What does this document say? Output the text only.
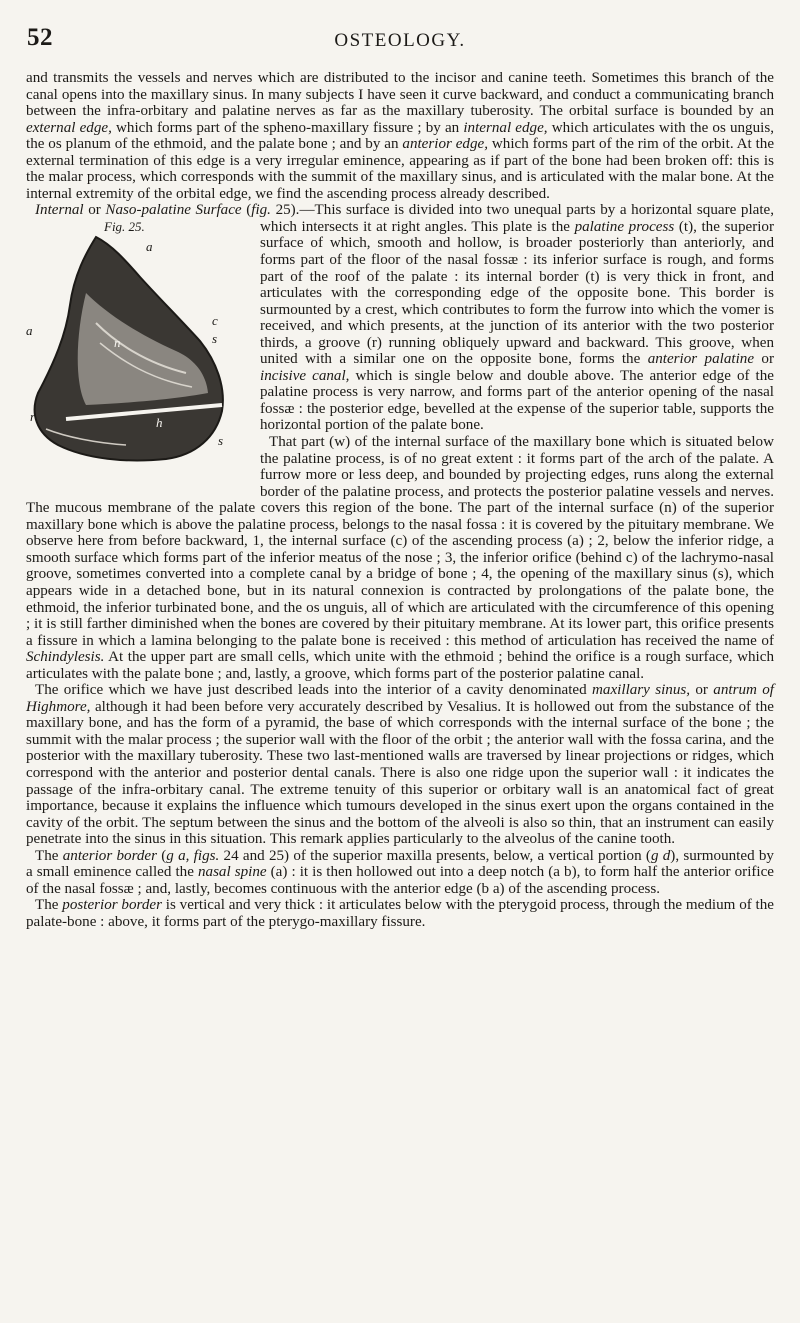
52	OSTEOLOGY.

and transmits the vessels and nerves which are distributed to the incisor and canine teeth. Sometimes this branch of the canal opens into the maxillary sinus. In many subjects I have seen it curve backward, and conduct a communicating branch between the infra-orbitary and palatine nerves as far as the maxillary tuberosity. The orbital surface is bounded by an external edge, which forms part of the spheno-maxillary fissure ; by an internal edge, which articulates with the os unguis, the os planum of the ethmoid, and the palate bone ; and by an anterior edge, which forms part of the rim of the orbit. At the external termination of this edge is a very irregular eminence, appearing as if part of the bone had been broken off: this is the malar process, which corresponds with the summit of the maxillary sinus, and is articulated with the malar bone. At the internal extremity of the orbital edge, we find the ascending process already described.

Internal or Naso-palatine Surface (fig. 25).—This surface is divided into two unequal parts by a horizontal square plate, which intersects it at right angles. This plate is the
Fig. 25.
a
a
c
n	s
r
s
h
palatine process (t), the superior surface of which, smooth and hollow, is broader posteriorly than anteriorly, and forms part of the floor of the nasal fossæ : its inferior surface is rough, and forms part of the roof of the palate : its internal border (t) is very thick in front, and articulates with the corresponding edge of the opposite bone. This border is surmounted by a crest, which contributes to form the furrow into which the vomer is received, and which presents, at the junction of its anterior with the two posterior thirds, a groove (r) running obliquely upward and backward. This groove, when united with a similar one on the opposite bone, forms the anterior palatine or incisive canal, which is single below and double above. The anterior edge of the palatine process is very narrow, and forms part of the anterior opening of the nasal fossæ : the posterior edge, bevelled at the expense of the superior table, supports the horizontal portion of the palate bone.

That part (w) of the internal surface of the maxillary bone which is situated below the palatine process, is of no great extent : it forms part of the arch of the palate. A furrow more or less deep, and bounded by projecting edges, runs along the external border of the palatine process, and protects the posterior palatine vessels and nerves. The mucous membrane of the palate covers this region of the bone. The part of the internal surface (n) of the superior maxillary bone which is above the palatine process, belongs to the nasal fossa : it is covered by the pituitary membrane. We observe here from before backward, 1, the internal surface (c) of the ascending process (a) ; 2, below the inferior ridge, a smooth surface which forms part of the inferior meatus of the nose ; 3, the inferior orifice (behind c) of the lachrymo-nasal groove, sometimes converted into a complete canal by a bridge of bone ; 4, the opening of the maxillary sinus (s), which appears wide in a detached bone, but in its natural connexion is contracted by prolongations of the palate bone, the ethmoid, the inferior turbinated bone, and the os unguis, all of which are articulated with the circumference of this opening ; it is still farther diminished when the bones are covered by their pituitary membrane. At its lower part, this orifice presents a fissure in which a lamina belonging to the palate bone is received : this method of articulation has received the name of Schindylesis. At the upper part are small cells, which unite with the ethmoid ; behind the orifice is a rough surface, which articulates with the palate bone ; and, lastly, a groove, which forms part of the posterior palatine canal.

The orifice which we have just described leads into the interior of a cavity denominated maxillary sinus, or antrum of Highmore, although it had been before very accurately described by Vesalius. It is hollowed out from the substance of the maxillary bone, and has the form of a pyramid, the base of which corresponds with the internal surface of the bone ; the summit with the malar process ; the superior wall with the floor of the orbit ; the anterior wall with the fossa carina, and the posterior with the maxillary tuberosity. These two last-mentioned walls are traversed by linear projections or ridges, which correspond with the anterior and posterior dental canals. There is also one ridge upon the superior wall : it indicates the passage of the infra-orbitary canal. The extreme tenuity of this superior or orbitary wall is an anatomical fact of great importance, because it explains the influence which tumours developed in the sinus exert upon the organs contained in the cavity of the orbit. The septum between the sinus and the bottom of the alveoli is also so thin, that an instrument can easily penetrate into the sinus in this situation. This remark applies particularly to the alveolus of the canine tooth.

The anterior border (g a, figs. 24 and 25) of the superior maxilla presents, below, a vertical portion (g d), surmounted by a small eminence called the nasal spine (a) : it is then hollowed out into a deep notch (a b), to form half the anterior orifice of the nasal fossæ ; and, lastly, becomes continuous with the anterior edge (b a) of the ascending process.

The posterior border is vertical and very thick : it articulates below with the pterygoid process, through the medium of the palate-bone : above, it forms part of the pterygo-maxillary fissure.
